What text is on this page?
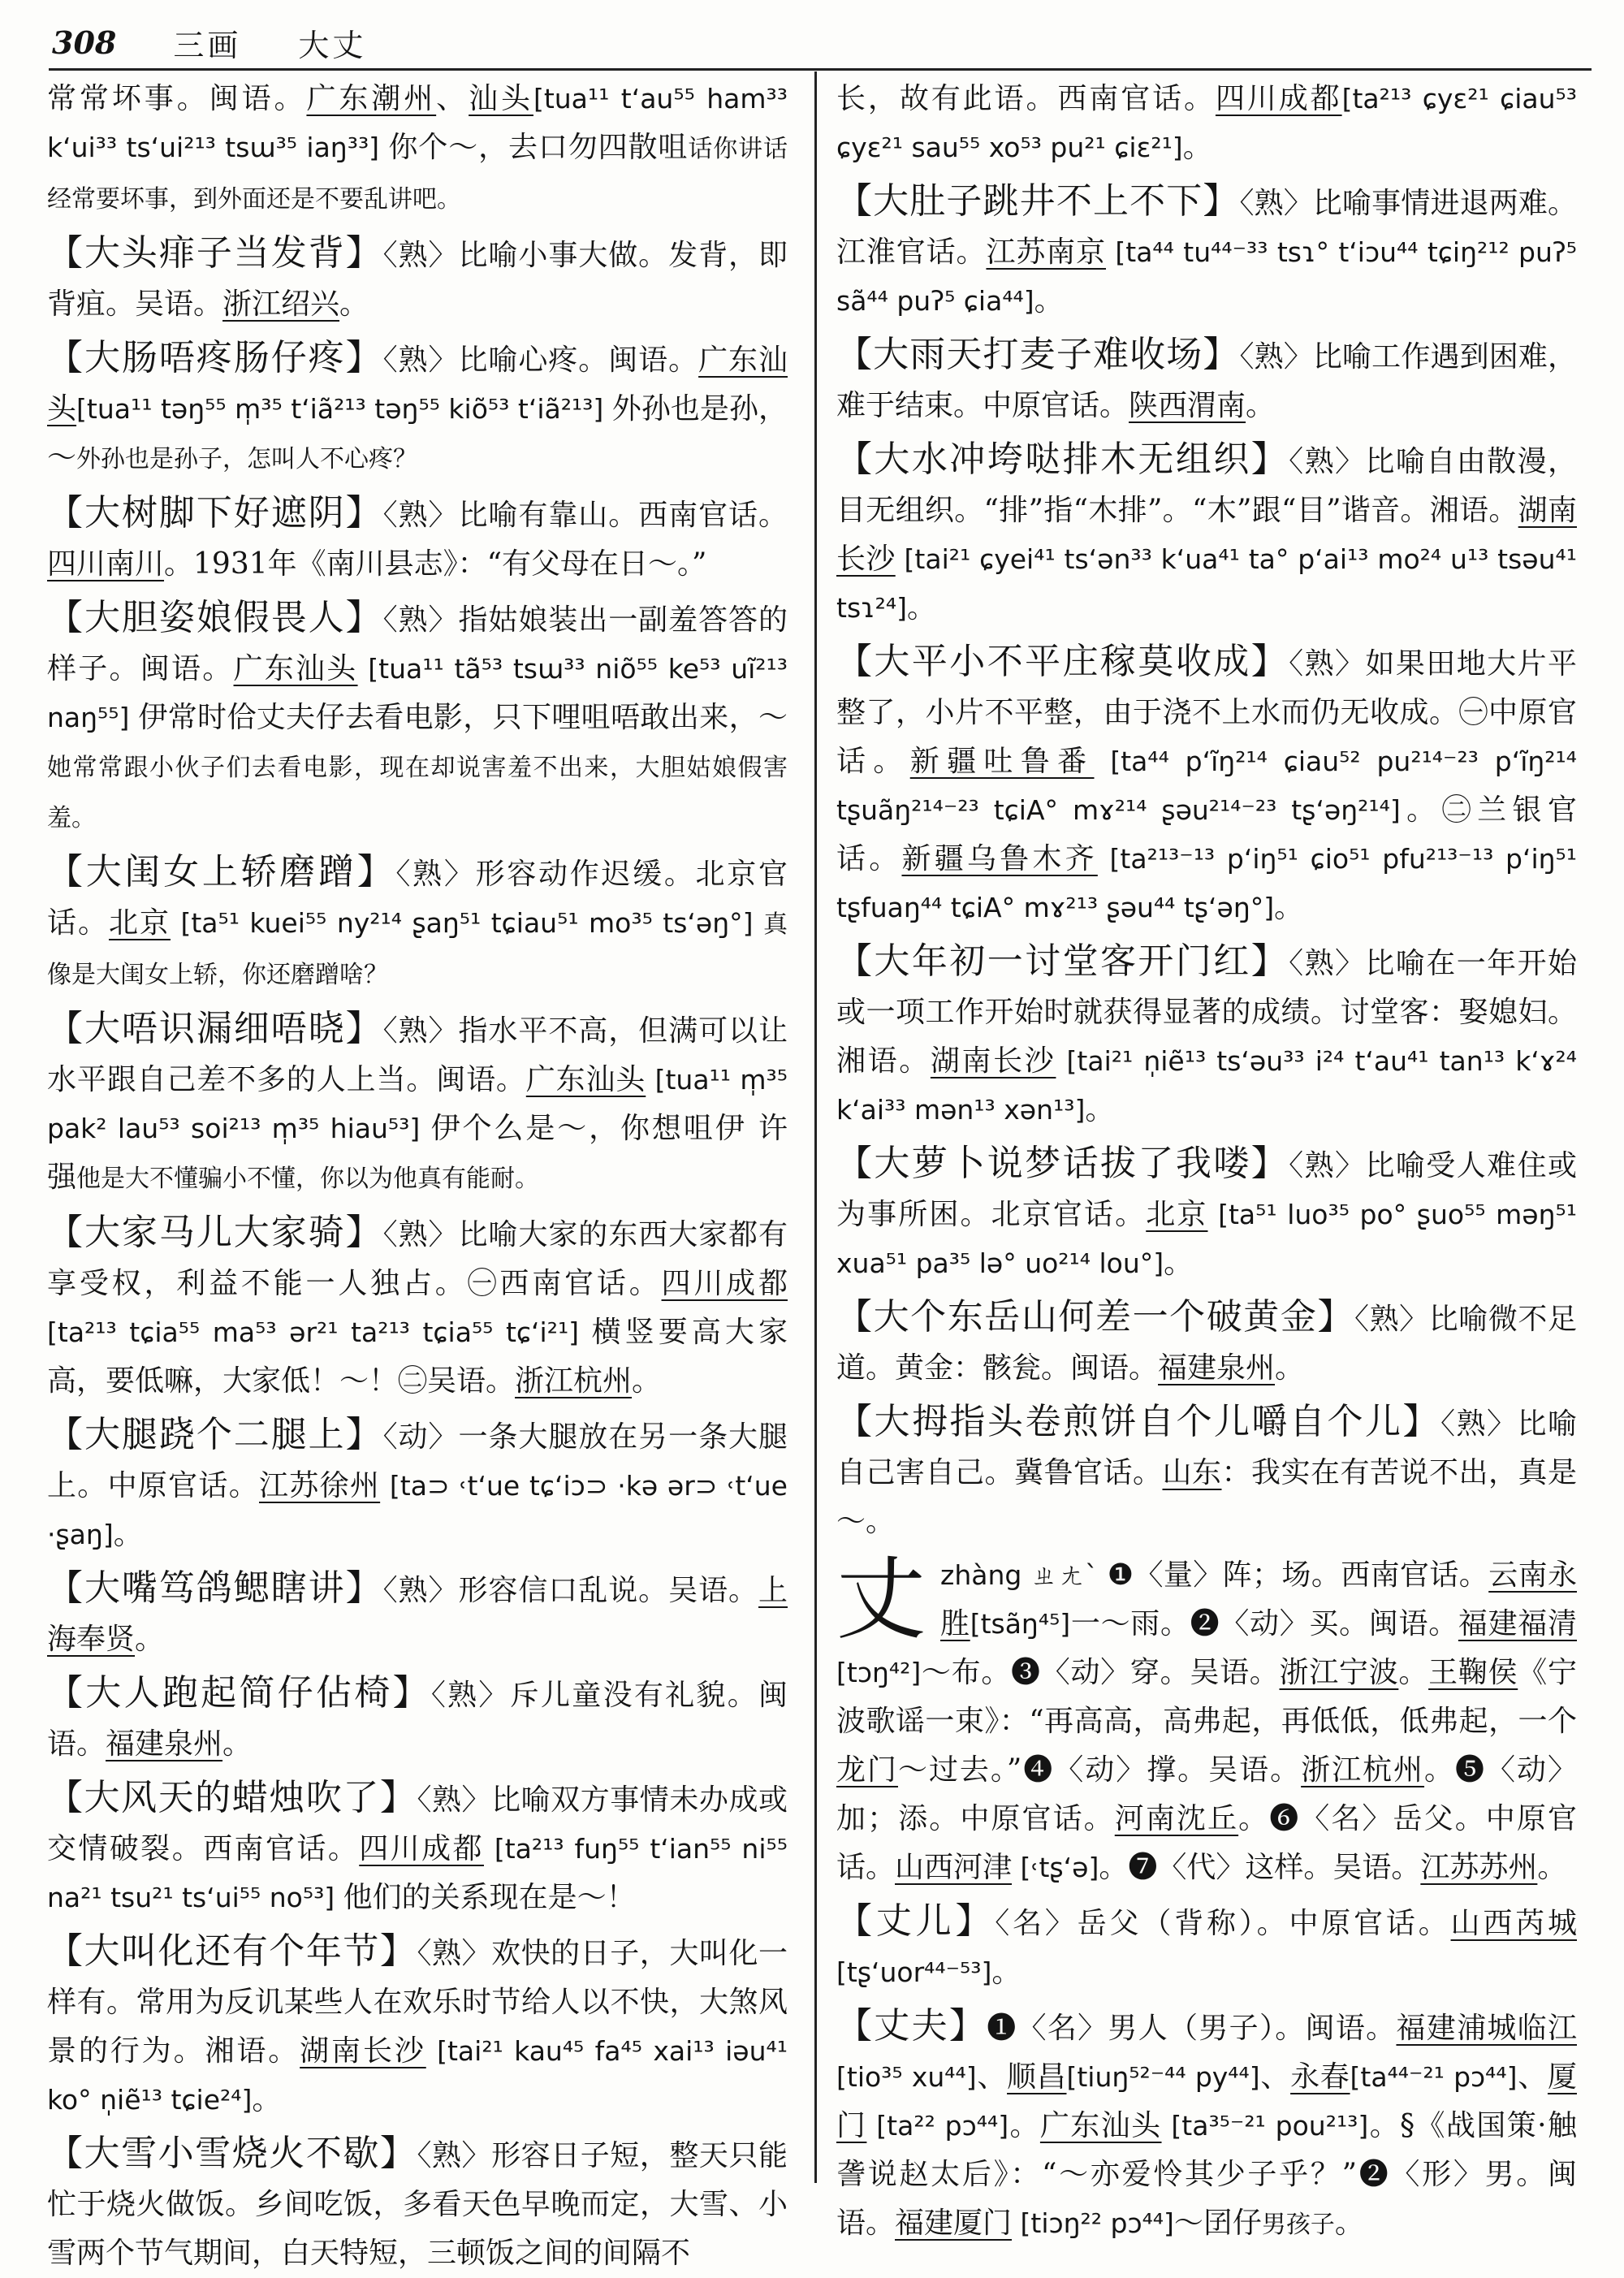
308 三画 大丈

常常坏事。闽语。广东潮州、汕头[tua¹¹ t‘au⁵⁵ ham³³ k‘ui³³ ts‘ui²¹³ tsɯ³⁵ iaŋ³³] 你个～，去口勿四散咀话你讲话经常要坏事，到外面还是不要乱讲吧。

【大头痱子当发背】〈熟〉比喻小事大做。发背，即背疽。吴语。浙江绍兴。

【大肠唔疼肠仔疼】〈熟〉比喻心疼。闽语。广东汕头[tua¹¹ təŋ⁵⁵ m̩³⁵ t‘iã²¹³ təŋ⁵⁵ kiõ⁵³ t‘iã²¹³] 外孙也是孙，～外孙也是孙子，怎叫人不心疼？

【大树脚下好遮阴】〈熟〉比喻有靠山。西南官话。四川南川。1931年《南川县志》：“有父母在日～。”

【大胆姿娘假畏人】〈熟〉指姑娘装出一副羞答答的样子。闽语。广东汕头 [tua¹¹ tã⁵³ tsɯ³³ niõ⁵⁵ ke⁵³ uĩ²¹³ naŋ⁵⁵] 伊常时佮丈夫仔去看电影，只下哩咀唔敢出来，～她常常跟小伙子们去看电影，现在却说害羞不出来，大胆姑娘假害羞。

【大闺女上轿磨蹭】〈熟〉形容动作迟缓。北京官话。北京 [ta⁵¹ kuei⁵⁵ ny²¹⁴ ʂaŋ⁵¹ tɕiau⁵¹ mo³⁵ ts‘əŋ°] 真像是大闺女上轿，你还磨蹭啥？

【大唔识漏细唔晓】〈熟〉指水平不高，但满可以让水平跟自己差不多的人上当。闽语。广东汕头 [tua¹¹ m̩³⁵ pak² lau⁵³ soi²¹³ m̩³⁵ hiau⁵³] 伊个么是～，你想咀伊 许 强他是大不懂骗小不懂，你以为他真有能耐。

【大家马儿大家骑】〈熟〉比喻大家的东西大家都有享受权，利益不能一人独占。㊀西南官话。四川成都 [ta²¹³ tɕia⁵⁵ ma⁵³ ər²¹ ta²¹³ tɕia⁵⁵ tɕ‘i²¹] 横竖要高大家高，要低嘛，大家低！～！㊁吴语。浙江杭州。

【大腿跷个二腿上】〈动〉一条大腿放在另一条大腿上。中原官话。江苏徐州 [ta⊃ ˓t‘ue tɕ‘iɔ⊃ ·kə ər⊃ ˓t‘ue ·ʂaŋ]。

【大嘴笃鸽鳃瞎讲】〈熟〉形容信口乱说。吴语。上海奉贤。

【大人跑起简仔佔椅】〈熟〉斥儿童没有礼貌。闽语。福建泉州。

【大风天的蜡烛吹了】〈熟〉比喻双方事情未办成或交情破裂。西南官话。四川成都 [ta²¹³ fuŋ⁵⁵ t‘ian⁵⁵ ni⁵⁵ na²¹ tsu²¹ ts‘ui⁵⁵ no⁵³] 他们的关系现在是～！

【大叫化还有个年节】〈熟〉欢快的日子，大叫化一样有。常用为反讥某些人在欢乐时节给人以不快，大煞风景的行为。湘语。湖南长沙 [tai²¹ kau⁴⁵ fa⁴⁵ xai¹³ iəu⁴¹ ko° n̩iẽ¹³ tɕie²⁴]。

【大雪小雪烧火不歇】〈熟〉形容日子短，整天只能忙于烧火做饭。乡间吃饭，多看天色早晚而定，大雪、小雪两个节气期间，白天特短，三顿饭之间的间隔不

长，故有此语。西南官话。四川成都[ta²¹³ ɕyɛ²¹ ɕiau⁵³ ɕyɛ²¹ sau⁵⁵ xo⁵³ pu²¹ ɕiɛ²¹]。

【大肚子跳井不上不下】〈熟〉比喻事情进退两难。江淮官话。江苏南京 [ta⁴⁴ tu⁴⁴⁻³³ tsɿ° t‘iɔu⁴⁴ tɕiŋ²¹² puʔ⁵ sã⁴⁴ puʔ⁵ ɕia⁴⁴]。

【大雨天打麦子难收场】〈熟〉比喻工作遇到困难，难于结束。中原官话。陕西渭南。

【大水冲垮哒排木无组织】〈熟〉比喻自由散漫，目无组织。“排”指“木排”。“木”跟“目”谐音。湘语。湖南长沙 [tai²¹ ɕyei⁴¹ ts‘ən³³ k‘ua⁴¹ ta° p‘ai¹³ mo²⁴ u¹³ tsəu⁴¹ tsɿ²⁴]。

【大平小不平庄稼莫收成】〈熟〉如果田地大片平整了，小片不平整，由于浇不上水而仍无收成。㊀中原官话。新疆吐鲁番 [ta⁴⁴ p‘ĩŋ²¹⁴ ɕiau⁵² pu²¹⁴⁻²³ p‘ĩŋ²¹⁴ tʂuãŋ²¹⁴⁻²³ tɕiA° mɤ²¹⁴ ʂəu²¹⁴⁻²³ tʂ‘əŋ²¹⁴]。㊁兰银官话。新疆乌鲁木齐 [ta²¹³⁻¹³ p‘iŋ⁵¹ ɕio⁵¹ pfu²¹³⁻¹³ p‘iŋ⁵¹ tʂfuaŋ⁴⁴ tɕiA° mɤ²¹³ ʂəu⁴⁴ tʂ‘əŋ°]。

【大年初一讨堂客开门红】〈熟〉比喻在一年开始或一项工作开始时就获得显著的成绩。讨堂客：娶媳妇。湘语。湖南长沙 [tai²¹ n̩iẽ¹³ ts‘əu³³ i²⁴ t‘au⁴¹ tan¹³ k‘ɤ²⁴ k‘ai³³ mən¹³ xən¹³]。

【大萝卜说梦话拔了我喽】〈熟〉比喻受人难住或为事所困。北京官话。北京 [ta⁵¹ luo³⁵ po° ʂuo⁵⁵ məŋ⁵¹ xua⁵¹ pa³⁵ lə° uo²¹⁴ lou°]。

【大个东岳山何差一个破黄金】〈熟〉比喻微不足道。黄金：骸瓮。闽语。福建泉州。

【大拇指头卷煎饼自个儿嚼自个儿】〈熟〉比喻自己害自己。冀鲁官话。山东：我实在有苦说不出，真是～。

丈zhàng ㄓㄤˋ ❶〈量〉阵；场。西南官话。云南永胜[tsãŋ⁴⁵]一～雨。❷〈动〉买。闽语。福建福清 [tɔŋ⁴²]～布。❸〈动〉穿。吴语。浙江宁波。王鞠侯《宁波歌谣一束》：“再高高，高弗起，再低低，低弗起，一个龙门～过去。”❹〈动〉撑。吴语。浙江杭州。❺〈动〉加；添。中原官话。河南沈丘。❻〈名〉岳父。中原官话。山西河津 [˓tʂ‘ə]。❼〈代〉这样。吴语。江苏苏州。

【丈儿】〈名〉岳父（背称）。中原官话。山西芮城[tʂ‘uor⁴⁴⁻⁵³]。

【丈夫】❶〈名〉男人（男子）。闽语。福建浦城临江[tio³⁵ xu⁴⁴]、顺昌[tiuŋ⁵²⁻⁴⁴ py⁴⁴]、永春[ta⁴⁴⁻²¹ pɔ⁴⁴]、厦门 [ta²² pɔ⁴⁴]。广东汕头 [ta³⁵⁻²¹ pou²¹³]。§《战国策·触詟说赵太后》：“～亦爱怜其少子乎？”❷〈形〉男。闽语。福建厦门 [tiɔŋ²² pɔ⁴⁴]～囝仔男孩子。
